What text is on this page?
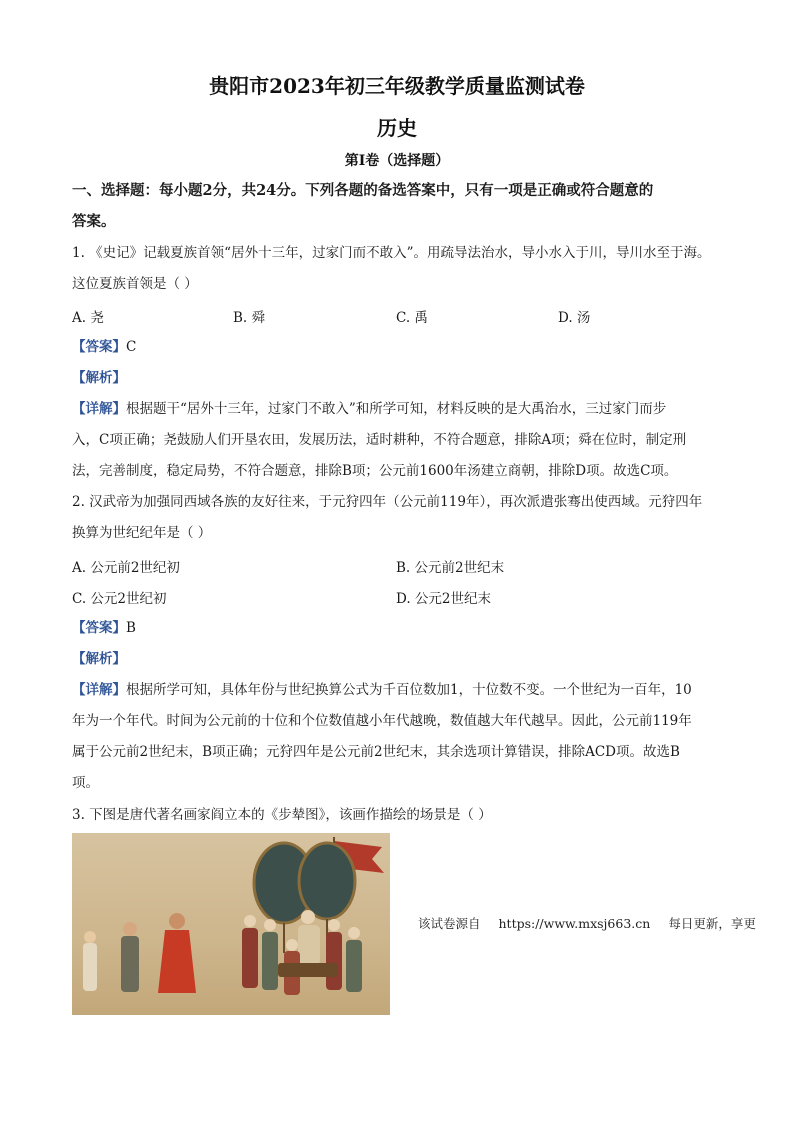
贵阳市2023年初三年级教学质量监测试卷
历史
第Ⅰ卷（选择题）
一、选择题：每小题2分，共24分。下列各题的备选答案中，只有一项是正确或符合题意的
答案。
1. 《史记》记载夏族首领“居外十三年，过家门而不敢入”。用疏导法治水，导小水入于川，导川水至于海。
这位夏族首领是（ ）
A. 尧	B. 舜	C. 禹	D. 汤
【答案】C
【解析】
【详解】根据题干“居外十三年，过家门不敢入”和所学可知，材料反映的是大禹治水，三过家门而步
入，C项正确；尧鼓励人们开垦农田，发展历法，适时耕种，不符合题意，排除A项；舜在位时，制定刑
法，完善制度，稳定局势，不符合题意，排除B项；公元前1600年汤建立商朝，排除D项。故选C项。
2. 汉武帝为加强同西域各族的友好往来，于元狩四年（公元前119年），再次派遣张骞出使西域。元狩四年
换算为世纪纪年是（ ）
A. 公元前2世纪初	B. 公元前2世纪末
C. 公元2世纪初	D. 公元2世纪末
【答案】B
【解析】
【详解】根据所学可知，具体年份与世纪换算公式为千百位数加1，十位数不变。一个世纪为一百年，10
年为一个年代。时间为公元前的十位和个位数值越小年代越晚，数值越大年代越早。因此，公元前119年
属于公元前2世纪末，B项正确；元狩四年是公元前2世纪末，其余选项计算错误，排除ACD项。故选B
项。
3. 下图是唐代著名画家阎立本的《步辇图》，该画作描绘的场景是（ ）
该试卷源自 https://www.mxsj663.cn 每日更新，享更
